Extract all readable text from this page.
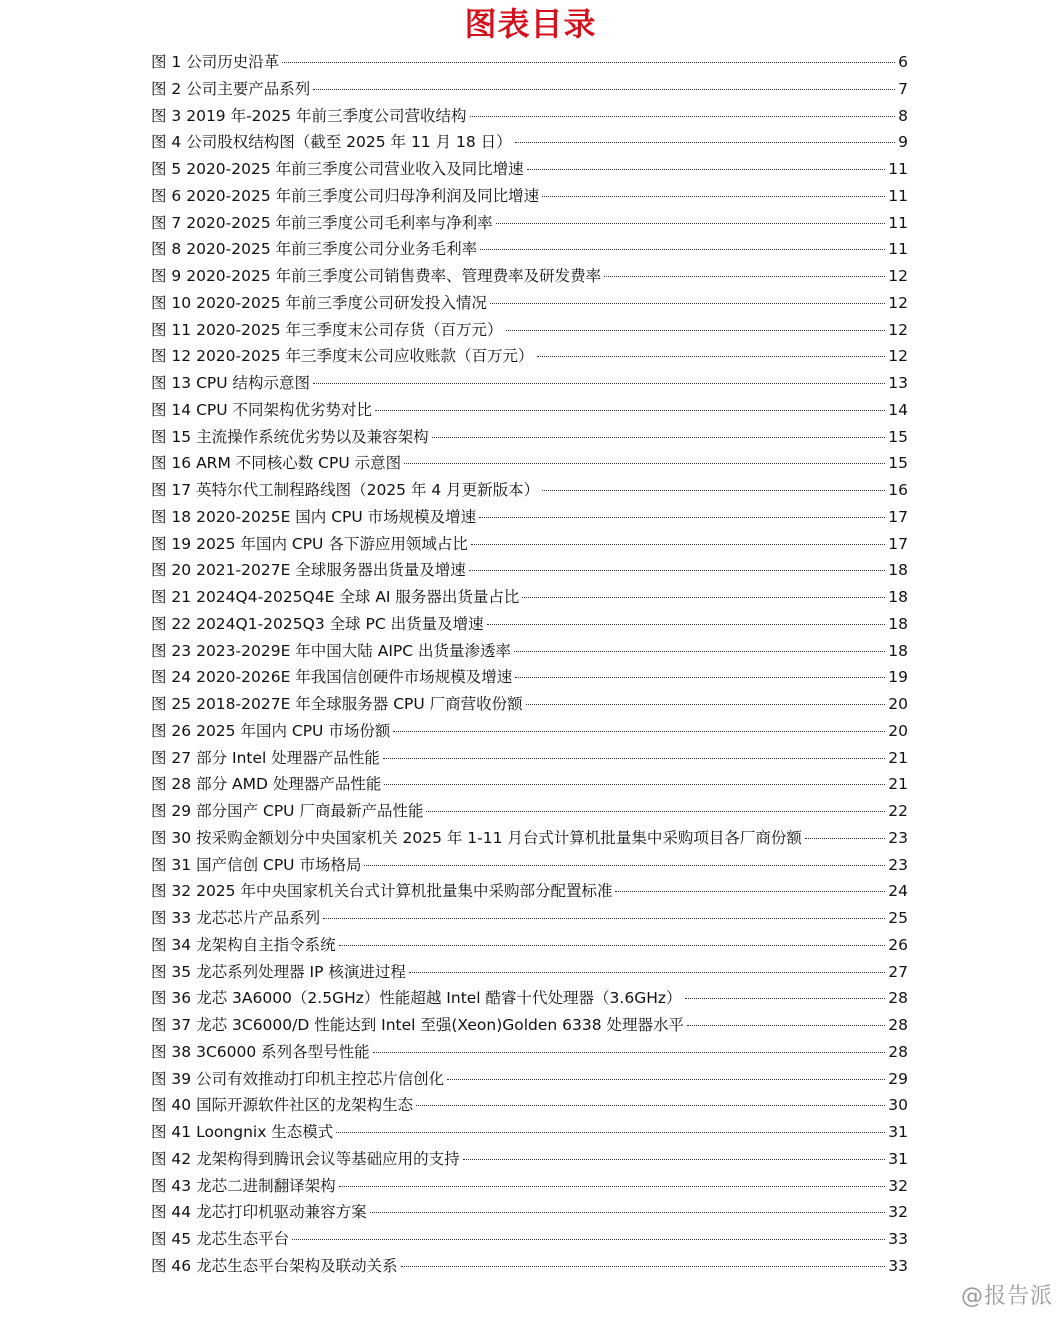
图表目录
图 1 公司历史沿革	6
图 2 公司主要产品系列	7
图 3 2019 年-2025 年前三季度公司营收结构	8
图 4 公司股权结构图（截至 2025 年 11 月 18 日）	9
图 5 2020-2025 年前三季度公司营业收入及同比增速	11
图 6 2020-2025 年前三季度公司归母净利润及同比增速	11
图 7 2020-2025 年前三季度公司毛利率与净利率	11
图 8 2020-2025 年前三季度公司分业务毛利率	11
图 9 2020-2025 年前三季度公司销售费率、管理费率及研发费率	12
图 10 2020-2025 年前三季度公司研发投入情况	12
图 11 2020-2025 年三季度末公司存货（百万元）	12
图 12 2020-2025 年三季度末公司应收账款（百万元）	12
图 13 CPU 结构示意图	13
图 14 CPU 不同架构优劣势对比	14
图 15 主流操作系统优劣势以及兼容架构	15
图 16 ARM 不同核心数 CPU 示意图	15
图 17 英特尔代工制程路线图（2025 年 4 月更新版本）	16
图 18 2020-2025E 国内 CPU 市场规模及增速	17
图 19 2025 年国内 CPU 各下游应用领域占比	17
图 20 2021-2027E 全球服务器出货量及增速	18
图 21 2024Q4-2025Q4E 全球 AI 服务器出货量占比	18
图 22 2024Q1-2025Q3 全球 PC 出货量及增速	18
图 23 2023-2029E 年中国大陆 AIPC 出货量渗透率	18
图 24 2020-2026E 年我国信创硬件市场规模及增速	19
图 25 2018-2027E 年全球服务器 CPU 厂商营收份额	20
图 26 2025 年国内 CPU 市场份额	20
图 27 部分 Intel 处理器产品性能	21
图 28 部分 AMD 处理器产品性能	21
图 29 部分国产 CPU 厂商最新产品性能	22
图 30 按采购金额划分中央国家机关 2025 年 1-11 月台式计算机批量集中采购项目各厂商份额	23
图 31 国产信创 CPU 市场格局	23
图 32 2025 年中央国家机关台式计算机批量集中采购部分配置标准	24
图 33 龙芯芯片产品系列	25
图 34 龙架构自主指令系统	26
图 35 龙芯系列处理器 IP 核演进过程	27
图 36 龙芯 3A6000（2.5GHz）性能超越 Intel 酷睿十代处理器（3.6GHz）	28
图 37 龙芯 3C6000/D 性能达到 Intel 至强(Xeon)Golden 6338 处理器水平	28
图 38 3C6000 系列各型号性能	28
图 39 公司有效推动打印机主控芯片信创化	29
图 40 国际开源软件社区的龙架构生态	30
图 41 Loongnix 生态模式	31
图 42 龙架构得到腾讯会议等基础应用的支持	31
图 43 龙芯二进制翻译架构	32
图 44 龙芯打印机驱动兼容方案	32
图 45 龙芯生态平台	33
图 46 龙芯生态平台架构及联动关系	33
@报告派
